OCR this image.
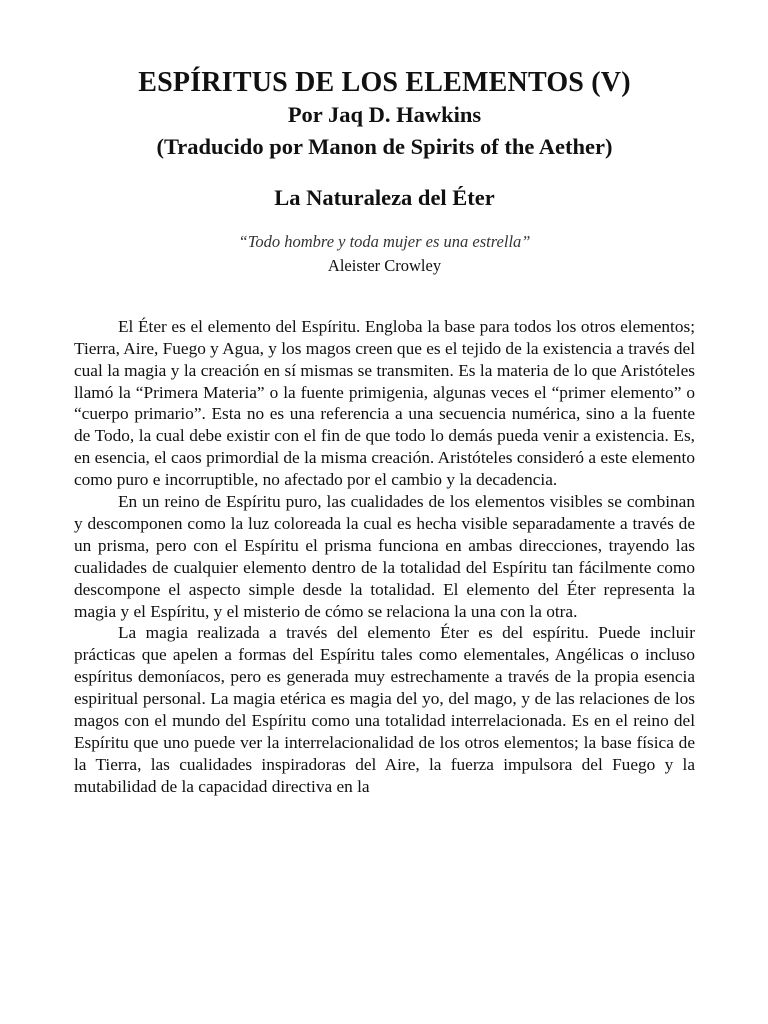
ESPÍRITUS DE LOS ELEMENTOS (V)
Por Jaq D. Hawkins
(Traducido por Manon de Spirits of the Aether)
La Naturaleza del Éter
“Todo hombre y toda mujer es una estrella”
Aleister Crowley

El Éter es el elemento del Espíritu. Engloba la base para todos los otros elementos; Tierra, Aire, Fuego y Agua, y los magos creen que es el tejido de la existencia a través del cual la magia y la creación en sí mismas se transmiten. Es la materia de lo que Aristóteles llamó la “Primera Materia” o la fuente primigenia, algunas veces el “primer elemento” o “cuerpo primario”. Esta no es una referencia a una secuencia numérica, sino a la fuente de Todo, la cual debe existir con el fin de que todo lo demás pueda venir a existencia. Es, en esencia, el caos primordial de la misma creación. Aristóteles consideró a este elemento como puro e incorruptible, no afectado por el cambio y la decadencia.

En un reino de Espíritu puro, las cualidades de los elementos visibles se combinan y descomponen como la luz coloreada la cual es hecha visible separadamente a través de un prisma, pero con el Espíritu el prisma funciona en ambas direcciones, trayendo las cualidades de cualquier elemento dentro de la totalidad del Espíritu tan fácilmente como descompone el aspecto simple desde la totalidad. El elemento del Éter representa la magia y el Espíritu, y el misterio de cómo se relaciona la una con la otra.

La magia realizada a través del elemento Éter es del espíritu. Puede incluir prácticas que apelen a formas del Espíritu tales como elementales, Angélicas o incluso espíritus demoníacos, pero es generada muy estrechamente a través de la propia esencia espiritual personal. La magia etérica es magia del yo, del mago, y de las relaciones de los magos con el mundo del Espíritu como una totalidad interrelacionada. Es en el reino del Espíritu que uno puede ver la interrelacionalidad de los otros elementos; la base física de la Tierra, las cualidades inspiradoras del Aire, la fuerza impulsora del Fuego y la mutabilidad de la capacidad directiva en la
